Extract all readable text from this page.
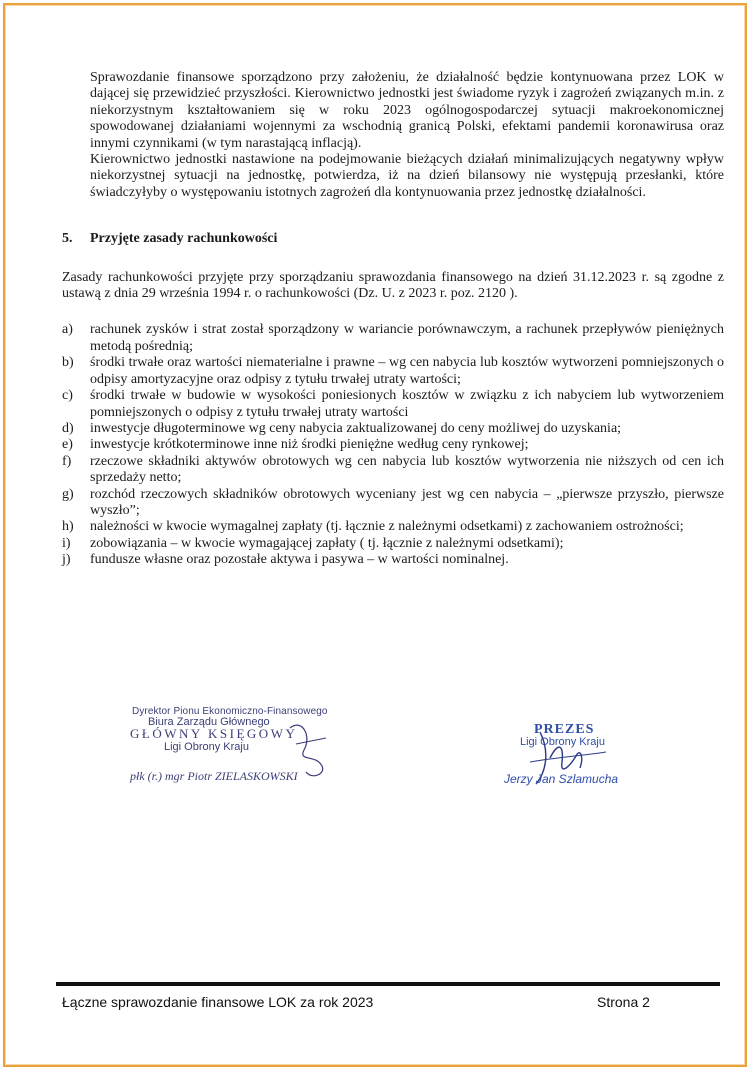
Sprawozdanie finansowe sporządzono przy założeniu, że działalność będzie kontynuowana przez LOK w dającej się przewidzieć przyszłości. Kierownictwo jednostki jest świadome ryzyk i zagrożeń związanych m.in. z niekorzystnym kształtowaniem się w roku 2023 ogólnogospodarczej sytuacji makroekonomicznej spowodowanej działaniami wojennymi za wschodnią granicą Polski, efektami pandemii koronawirusa oraz innymi czynnikami (w tym narastającą inflacją).

Kierownictwo jednostki nastawione na podejmowanie bieżących działań minimalizujących negatywny wpływ niekorzystnej sytuacji na jednostkę, potwierdza, iż na dzień bilansowy nie występują przesłanki, które świadczyłyby o występowaniu istotnych zagrożeń dla kontynuowania przez jednostkę działalności.

5. Przyjęte zasady rachunkowości

Zasady rachunkowości przyjęte przy sporządzaniu sprawozdania finansowego na dzień 31.12.2023 r. są zgodne z ustawą z dnia 29 września 1994 r. o rachunkowości (Dz. U. z 2023 r. poz. 2120 ).

a)	rachunek zysków i strat został sporządzony w wariancie porównawczym, a rachunek przepływów pieniężnych metodą pośrednią;
b)	środki trwałe oraz wartości niematerialne i prawne – wg cen nabycia lub kosztów wytworzeni pomniejszonych o odpisy amortyzacyjne oraz odpisy z tytułu trwałej utraty wartości;
c)	środki trwałe w budowie w wysokości poniesionych kosztów w związku z ich nabyciem lub wytworzeniem pomniejszonych o odpisy z tytułu trwałej utraty wartości
d)	inwestycje długoterminowe wg ceny nabycia zaktualizowanej do ceny możliwej do uzyskania;
e)	inwestycje krótkoterminowe inne niż środki pieniężne według ceny rynkowej;
f)	rzeczowe składniki aktywów obrotowych wg cen nabycia lub kosztów wytworzenia nie niższych od cen ich sprzedaży netto;
g)	rozchód rzeczowych składników obrotowych wyceniany jest wg cen nabycia – „pierwsze przyszło, pierwsze wyszło”;
h)	należności w kwocie wymagalnej zapłaty (tj. łącznie z należnymi odsetkami) z zachowaniem ostrożności;
i)	zobowiązania – w kwocie wymagającej zapłaty ( tj. łącznie z należnymi odsetkami);
j)	fundusze własne oraz pozostałe aktywa i pasywa – w wartości nominalnej.
Dyrektor Pionu Ekonomiczno-Finansowego
Biura Zarządu Głównego
GŁÓWNY KSIĘGOWY
Ligi Obrony Kraju
płk (r.) mgr Piotr ZIELASKOWSKI
PREZES
Ligi Obrony Kraju
Jerzy Jan Szlamucha
Łączne sprawozdanie finansowe LOK za rok 2023	Strona 2
